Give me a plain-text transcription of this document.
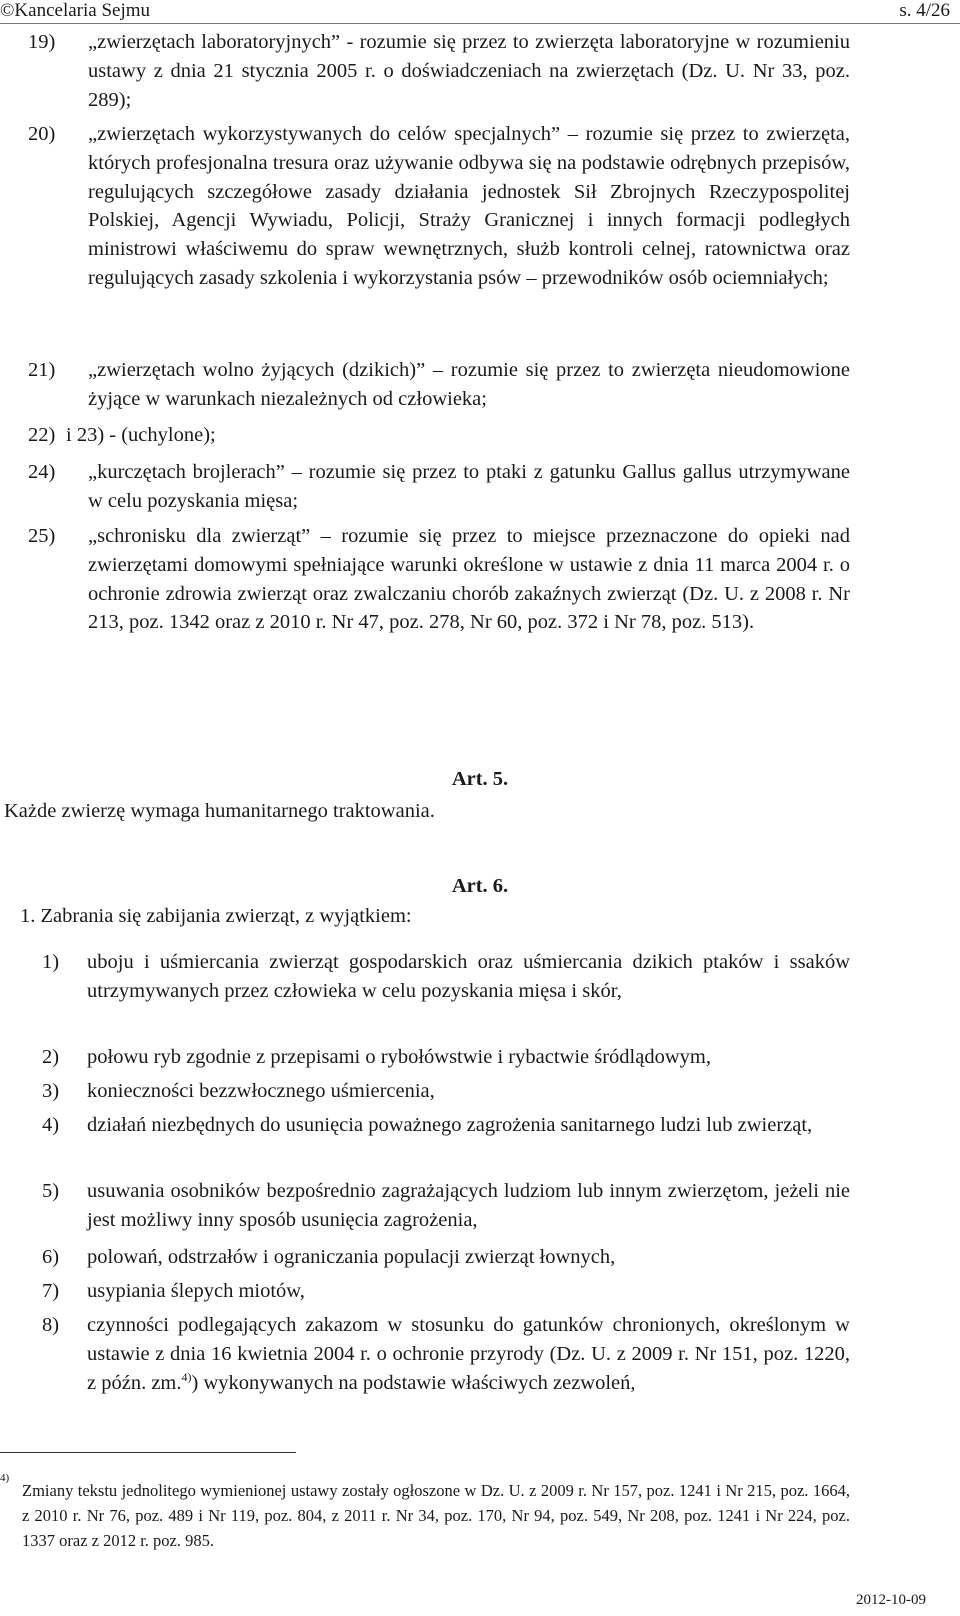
©Kancelaria Sejmu	s. 4/26
19) „zwierzętach laboratoryjnych” - rozumie się przez to zwierzęta laboratoryjne w rozumieniu ustawy z dnia 21 stycznia 2005 r. o doświadczeniach na zwierzętach (Dz. U. Nr 33, poz. 289);
20) „zwierzętach wykorzystywanych do celów specjalnych” – rozumie się przez to zwierzęta, których profesjonalna tresura oraz używanie odbywa się na podstawie odrębnych przepisów, regulujących szczegółowe zasady działania jednostek Sił Zbrojnych Rzeczypospolitej Polskiej, Agencji Wywiadu, Policji, Straży Granicznej i innych formacji podległych ministrowi właściwemu do spraw wewnętrznych, służb kontroli celnej, ratownictwa oraz regulujących zasady szkolenia i wykorzystania psów – przewodników osób ociemniałych;
21) „zwierzętach wolno żyjących (dzikich)” – rozumie się przez to zwierzęta nieudomowione żyjące w warunkach niezależnych od człowieka;
22) i 23) - (uchylone);
24) „kurczętach brojlerach” – rozumie się przez to ptaki z gatunku Gallus gallus utrzymywane w celu pozyskania mięsa;
25) „schronisku dla zwierząt” – rozumie się przez to miejsce przeznaczone do opieki nad zwierzętami domowymi spełniające warunki określone w ustawie z dnia 11 marca 2004 r. o ochronie zdrowia zwierząt oraz zwalczaniu chorób zakaźnych zwierząt (Dz. U. z 2008 r. Nr 213, poz. 1342 oraz z 2010 r. Nr 47, poz. 278, Nr 60, poz. 372 i Nr 78, poz. 513).
Art. 5.
Każde zwierzę wymaga humanitarnego traktowania.
Art. 6.
1. Zabrania się zabijania zwierząt, z wyjątkiem:
1) uboju i uśmiercania zwierząt gospodarskich oraz uśmiercania dzikich ptaków i ssaków utrzymywanych przez człowieka w celu pozyskania mięsa i skór,
2) połowu ryb zgodnie z przepisami o rybołówstwie i rybactwie śródlądowym,
3) konieczności bezzwłocznego uśmiercenia,
4) działań niezbędnych do usunięcia poważnego zagrożenia sanitarnego ludzi lub zwierząt,
5) usuwania osobników bezpośrednio zagrażających ludziom lub innym zwierzętom, jeżeli nie jest możliwy inny sposób usunięcia zagrożenia,
6) polowań, odstrzałów i ograniczania populacji zwierząt łownych,
7) usypiania ślepych miotów,
8) czynności podlegających zakazom w stosunku do gatunków chronionych, określonym w ustawie z dnia 16 kwietnia 2004 r. o ochronie przyrody (Dz. U. z 2009 r. Nr 151, poz. 1220, z późn. zm.$^{4)}$) wykonywanych na podstawie właściwych zezwoleń,
4)
Zmiany tekstu jednolitego wymienionej ustawy zostały ogłoszone w Dz. U. z 2009 r. Nr 157, poz. 1241 i Nr 215, poz. 1664, z 2010 r. Nr 76, poz. 489 i Nr 119, poz. 804, z 2011 r. Nr 34, poz. 170, Nr 94, poz. 549, Nr 208, poz. 1241 i Nr 224, poz. 1337 oraz z 2012 r. poz. 985.
2012-10-09
